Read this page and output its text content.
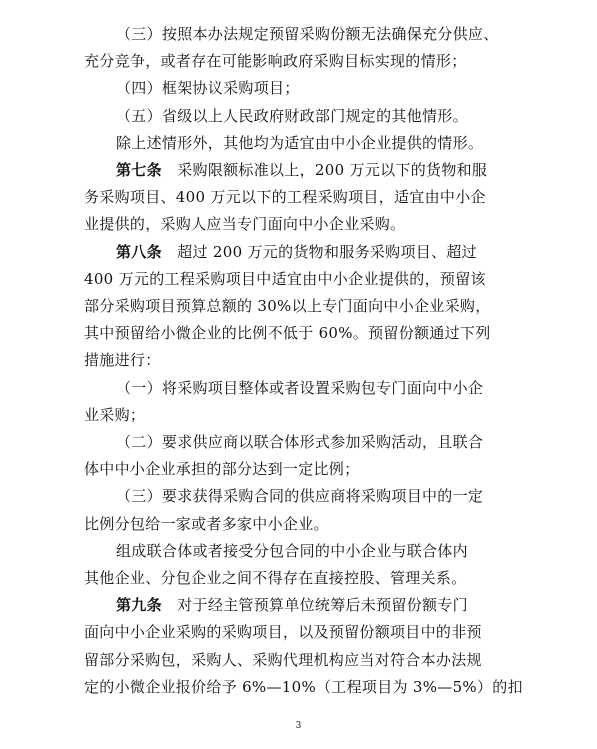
（三）按照本办法规定预留采购份额无法确保充分供应、
充分竞争，或者存在可能影响政府采购目标实现的情形；
（四）框架协议采购项目；
（五）省级以上人民政府财政部门规定的其他情形。
除上述情形外，其他均为适宜由中小企业提供的情形。
第七条　 采购限额标准以上，200 万元以下的货物和服
务采购项目、400 万元以下的工程采购项目，适宜由中小企
业提供的，采购人应当专门面向中小企业采购。
第八条　 超过 200 万元的货物和服务采购项目、超过
400 万元的工程采购项目中适宜由中小企业提供的，预留该
部分采购项目预算总额的 30%以上专门面向中小企业采购，
其中预留给小微企业的比例不低于 60%。预留份额通过下列
措施进行：
（一）将采购项目整体或者设置采购包专门面向中小企
业采购；
（二）要求供应商以联合体形式参加采购活动，且联合
体中中小企业承担的部分达到一定比例；
（三）要求获得采购合同的供应商将采购项目中的一定
比例分包给一家或者多家中小企业。
组成联合体或者接受分包合同的中小企业与联合体内
其他企业、分包企业之间不得存在直接控股、管理关系。
第九条　 对于经主管预算单位统筹后未预留份额专门
面向中小企业采购的采购项目，以及预留份额项目中的非预
留部分采购包，采购人、采购代理机构应当对符合本办法规
定的小微企业报价给予 6%—10%（工程项目为 3%—5%）的扣
3
